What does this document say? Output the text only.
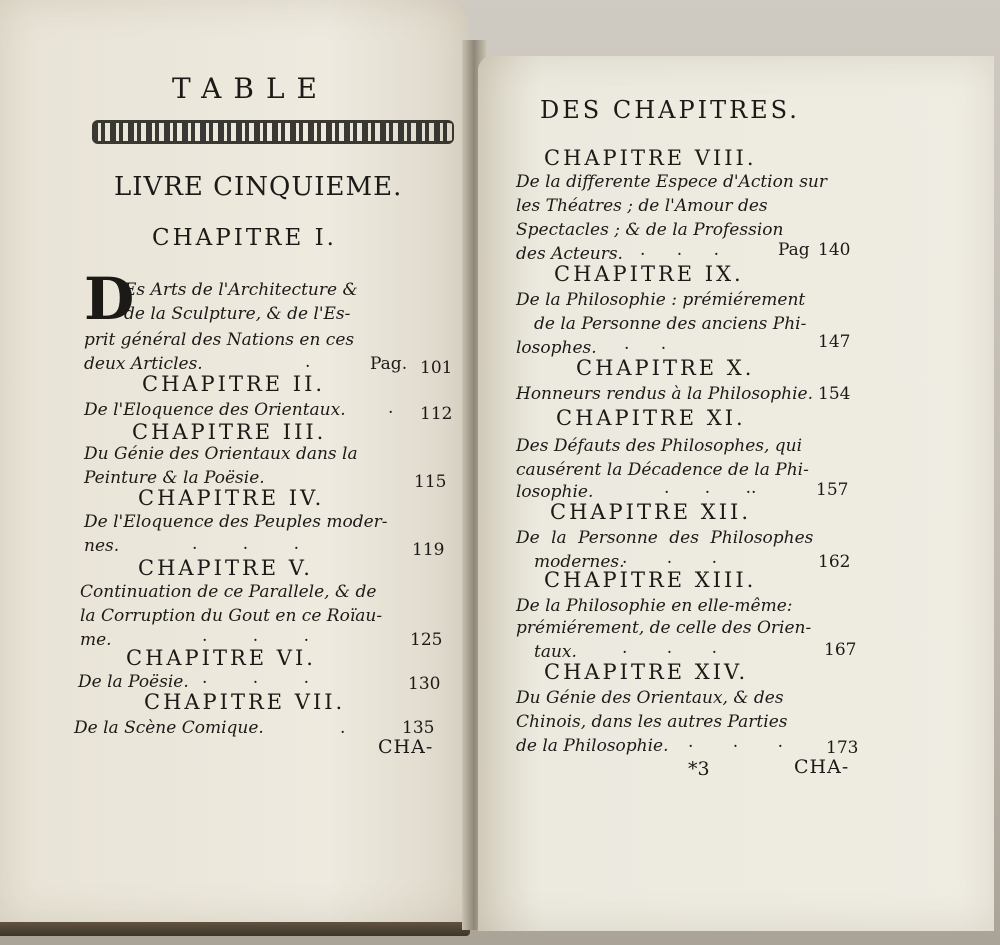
TABLE
LIVRE CINQUIEME.
CHAPITRE I.
D
Es Arts de l'Architecture &
de la Sculpture, & de l'Es-
prit général des Nations en ces
deux Articles.	.	Pag. 101
CHAPITRE II.
De l'Eloquence des Orientaux. . 112
CHAPITRE III.
Du Génie des Orientaux dans la
Peinture & la Poësie.	115
CHAPITRE IV.
De l'Eloquence des Peuples moder-
nes.	. . .	119
CHAPITRE V.
Continuation de ce Parallele, & de
la Corruption du Gout en ce Roïau-
me.	. . .	125
CHAPITRE VI.
De la Poësie. . . .	130
CHAPITRE VII.
De la Scène Comique.	.	135
CHA-
DES CHAPITRES.
CHAPITRE VIII.
De la differente Espece d'Action sur
les Théatres ; de l'Amour des
Spectacles ; & de la Profession
des Acteurs. . . .	Pag 140
CHAPITRE IX.
De la Philosophie : prémiérement
de la Personne des anciens Phi-
losophes. . .	147
CHAPITRE X.
Honneurs rendus à la Philosophie. 154
CHAPITRE XI.
Des Défauts des Philosophes, qui
causérent la Décadence de la Phi-
losophie.	. . ..	157
CHAPITRE XII.
De la Personne des Philosophes
modernes.
. . .	162
CHAPITRE XIII.
De la Philosophie en elle-même:
prémiérement, de celle des Orien-
taux.	. . .	167
CHAPITRE XIV.
Du Génie des Orientaux, & des
Chinois, dans les autres Parties
de la Philosophie. . . .	173
*3	CHA-
